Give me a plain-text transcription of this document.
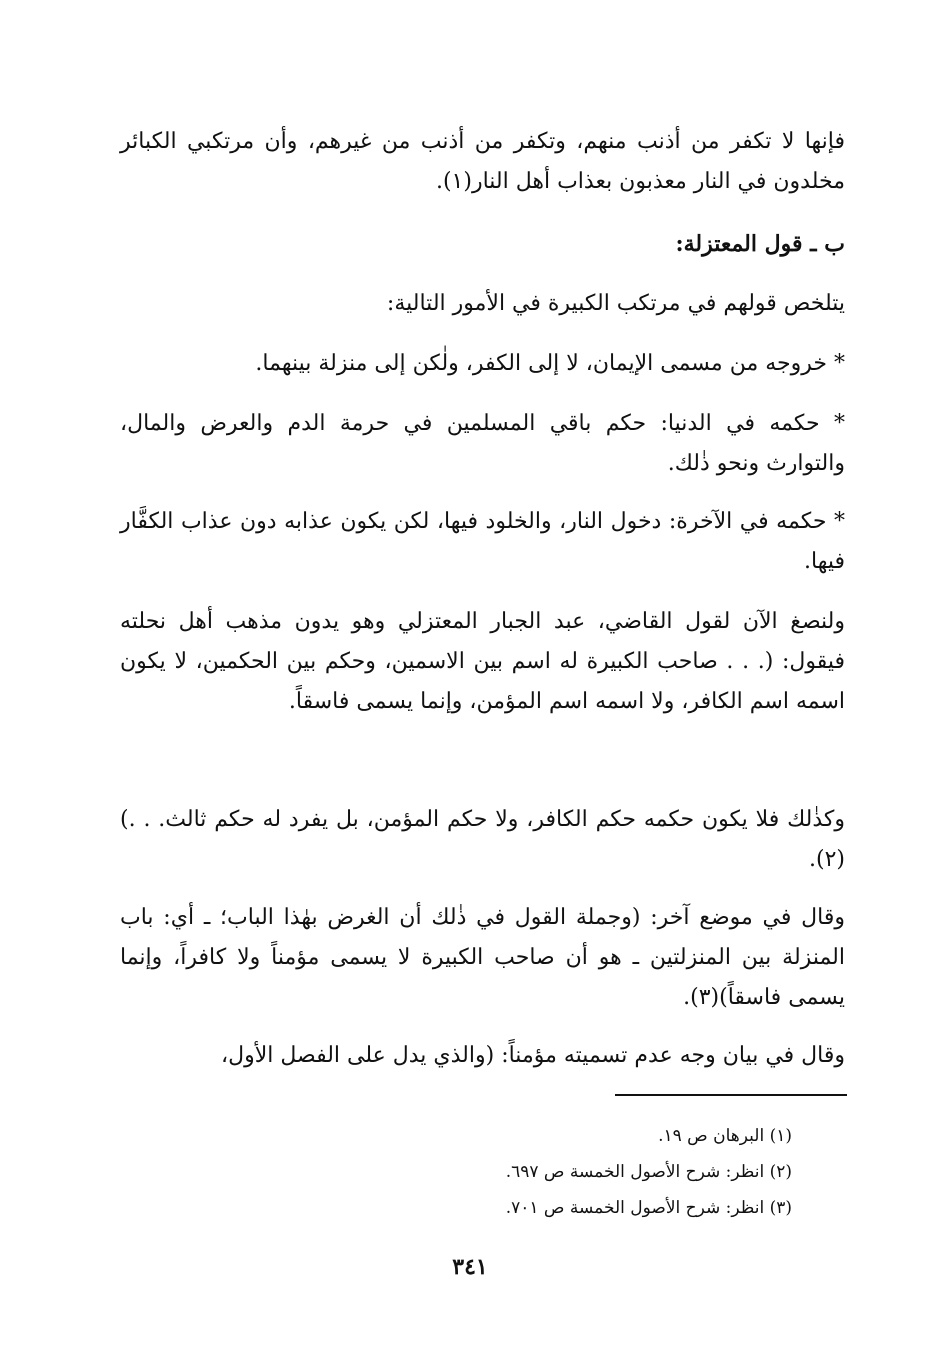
فإنها لا تكفر من أذنب منهم، وتكفر من أذنب من غيرهم، وأن مرتكبي الكبائر مخلدون في النار معذبون بعذاب أهل النار(١).
ب ـ قول المعتزلة:
يتلخص قولهم في مرتكب الكبيرة في الأمور التالية:
* خروجه من مسمى الإيمان، لا إلى الكفر، ولٰكن إلى منزلة بينهما.
* حكمه في الدنيا: حكم باقي المسلمين في حرمة الدم والعرض والمال، والتوارث ونحو ذٰلك.
* حكمه في الآخرة: دخول النار، والخلود فيها، لكن يكون عذابه دون عذاب الكفَّار فيها.
ولنصغ الآن لقول القاضي، عبد الجبار المعتزلي وهو يدون مذهب أهل نحلته فيقول: (. . . صاحب الكبيرة له اسم بين الاسمين، وحكم بين الحكمين، لا يكون اسمه اسم الكافر، ولا اسمه اسم المؤمن، وإنما يسمى فاسقاً.
وكذٰلك فلا يكون حكمه حكم الكافر، ولا حكم المؤمن، بل يفرد له حكم ثالث. . .)(٢).
وقال في موضع آخر: (وجملة القول في ذٰلك أن الغرض بهٰذا الباب؛ ـ أي: باب المنزلة بين المنزلتين ـ هو أن صاحب الكبيرة لا يسمى مؤمناً ولا كافراً، وإنما يسمى فاسقاً)(٣).
وقال في بيان وجه عدم تسميته مؤمناً: (والذي يدل على الفصل الأول،
(١) البرهان ص ١٩.
(٢) انظر: شرح الأصول الخمسة ص ٦٩٧.
(٣) انظر: شرح الأصول الخمسة ص ٧٠١.
٣٤١
